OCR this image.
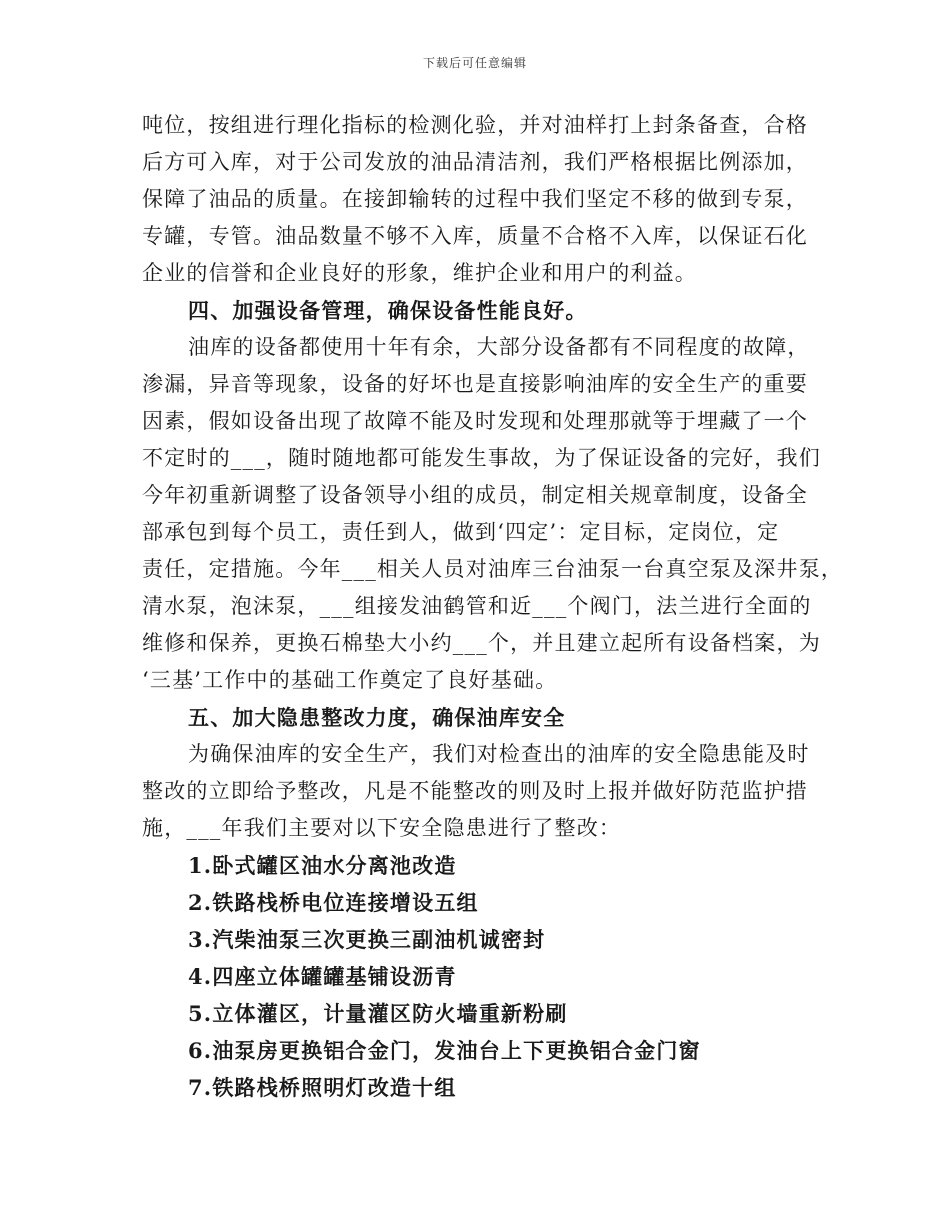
下载后可任意编辑
吨位，按组进行理化指标的检测化验，并对油样打上封条备查，合格
后方可入库，对于公司发放的油品清洁剂，我们严格根据比例添加，
保障了油品的质量。在接卸输转的过程中我们坚定不移的做到专泵，
专罐，专管。油品数量不够不入库，质量不合格不入库，以保证石化
企业的信誉和企业良好的形象，维护企业和用户的利益。
四、加强设备管理，确保设备性能良好。
油库的设备都使用十年有余，大部分设备都有不同程度的故障，
渗漏，异音等现象，设备的好坏也是直接影响油库的安全生产的重要
因素，假如设备出现了故障不能及时发现和处理那就等于埋藏了一个
不定时的___，随时随地都可能发生事故，为了保证设备的完好，我们
今年初重新调整了设备领导小组的成员，制定相关规章制度，设备全
部承包到每个员工，责任到人，做到‘四定’：定目标，定岗位，定
责任，定措施。今年___相关人员对油库三台油泵一台真空泵及深井泵，
清水泵，泡沫泵，___组接发油鹤管和近___个阀门，法兰进行全面的
维修和保养，更换石棉垫大小约___个，并且建立起所有设备档案，为
‘三基’工作中的基础工作奠定了良好基础。
五、加大隐患整改力度，确保油库安全
为确保油库的安全生产，我们对检查出的油库的安全隐患能及时
整改的立即给予整改，凡是不能整改的则及时上报并做好防范监护措
施，___年我们主要对以下安全隐患进行了整改：
1.卧式罐区油水分离池改造
2.铁路栈桥电位连接增设五组
3.汽柴油泵三次更换三副油机诚密封
4.四座立体罐罐基铺设沥青
5.立体灌区，计量灌区防火墙重新粉刷
6.油泵房更换铝合金门，发油台上下更换铝合金门窗
7.铁路栈桥照明灯改造十组
